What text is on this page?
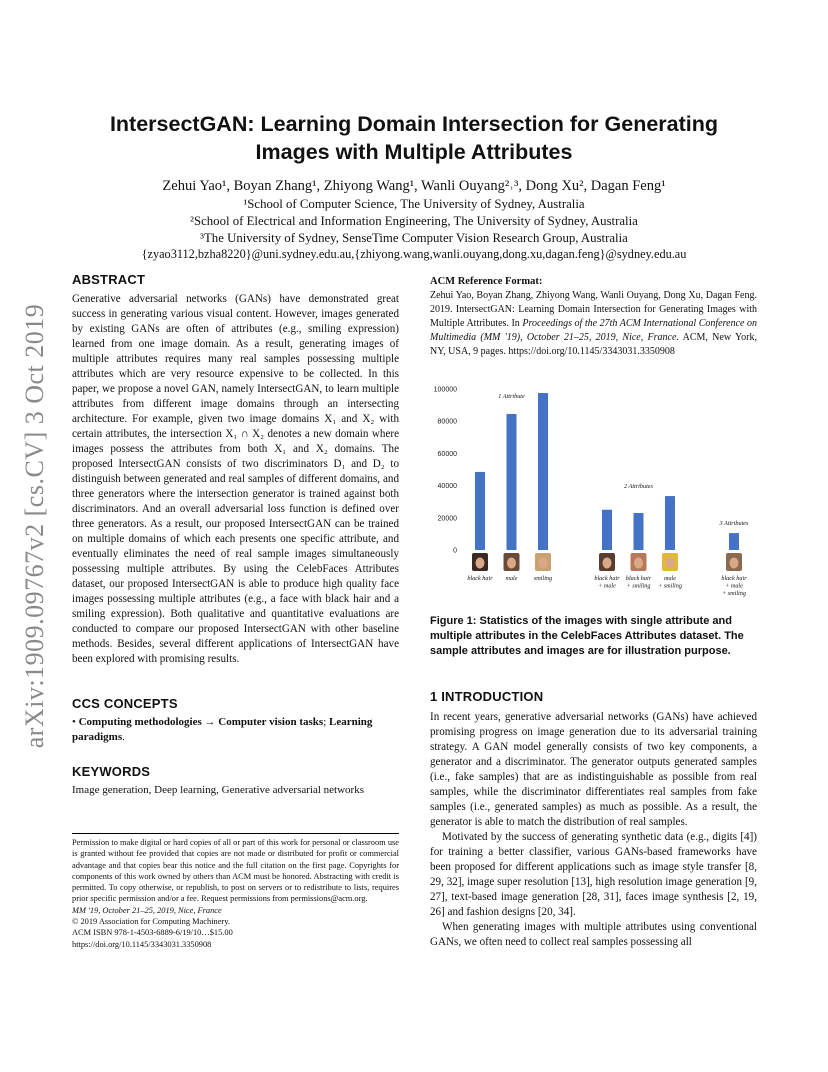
arXiv:1909.09767v2 [cs.CV] 3 Oct 2019
IntersectGAN: Learning Domain Intersection for Generating
Images with Multiple Attributes
Zehui Yao¹, Boyan Zhang¹, Zhiyong Wang¹, Wanli Ouyang²˒³, Dong Xu², Dagan Feng¹
¹School of Computer Science, The University of Sydney, Australia
²School of Electrical and Information Engineering, The University of Sydney, Australia
³The University of Sydney, SenseTime Computer Vision Research Group, Australia
{zyao3112,bzha8220}@uni.sydney.edu.au,{zhiyong.wang,wanli.ouyang,dong.xu,dagan.feng}@sydney.edu.au
ABSTRACT
Generative adversarial networks (GANs) have demonstrated great success in generating various visual content. However, images generated by existing GANs are often of attributes (e.g., smiling expression) learned from one image domain. As a result, generating images of multiple attributes requires many real samples possessing multiple attributes which are very resource expensive to be collected. In this paper, we propose a novel GAN, namely IntersectGAN, to learn multiple attributes from different image domains through an intersecting architecture. For example, given two image domains X₁ and X₂ with certain attributes, the intersection X₁ ∩ X₂ denotes a new domain where images possess the attributes from both X₁ and X₂ domains. The proposed IntersectGAN consists of two discriminators D₁ and D₂ to distinguish between generated and real samples of different domains, and three generators where the intersection generator is trained against both discriminators. And an overall adversarial loss function is defined over three generators. As a result, our proposed IntersectGAN can be trained on multiple domains of which each presents one specific attribute, and eventually eliminates the need of real sample images simultaneously possessing multiple attributes. By using the CelebFaces Attributes dataset, our proposed IntersectGAN is able to produce high quality face images possessing multiple attributes (e.g., a face with black hair and a smiling expression). Both qualitative and quantitative evaluations are conducted to compare our proposed IntersectGAN with other baseline methods. Besides, several different applications of IntersectGAN have been explored with promising results.
CCS CONCEPTS
• Computing methodologies → Computer vision tasks; Learning paradigms.
KEYWORDS
Image generation, Deep learning, Generative adversarial networks
Permission to make digital or hard copies of all or part of this work for personal or classroom use is granted without fee provided that copies are not made or distributed for profit or commercial advantage and that copies bear this notice and the full citation on the first page. Copyrights for components of this work owned by others than ACM must be honored. Abstracting with credit is permitted. To copy otherwise, or republish, to post on servers or to redistribute to lists, requires prior specific permission and/or a fee. Request permissions from permissions@acm.org.
MM '19, October 21–25, 2019, Nice, France
© 2019 Association for Computing Machinery.
ACM ISBN 978-1-4503-6889-6/19/10…$15.00
https://doi.org/10.1145/3343031.3350908
ACM Reference Format:
Zehui Yao, Boyan Zhang, Zhiyong Wang, Wanli Ouyang, Dong Xu, Dagan Feng. 2019. IntersectGAN: Learning Domain Intersection for Generating Images with Multiple Attributes. In Proceedings of the 27th ACM International Conference on Multimedia (MM '19), October 21–25, 2019, Nice, France. ACM, New York, NY, USA, 9 pages. https://doi.org/10.1145/3343031.3350908
0
20000
40000
60000
80000
100000
1 Attribute
2 Attributes
3 Attributes
black hair male	smiling	black hair + male
black hair + smiling
male + smiling
black hair + male + smiling
Figure 1: Statistics of the images with single attribute and multiple attributes in the CelebFaces Attributes dataset. The sample attributes and images are for illustration purpose.
1 INTRODUCTION
In recent years, generative adversarial networks (GANs) have achieved promising progress on image generation due to its adversarial training strategy. A GAN model generally consists of two key components, a generator and a discriminator. The generator outputs generated samples (i.e., fake samples) that are as indistinguishable as possible from real samples, while the discriminator differentiates real samples from fake samples (i.e., generated samples) as much as possible. As a result, the generator is able to match the distribution of real samples.
Motivated by the success of generating synthetic data (e.g., digits [4]) for training a better classifier, various GANs-based frameworks have been proposed for different applications such as image style transfer [8, 29, 32], image super resolution [13], high resolution image generation [9, 27], text-based image generation [28, 31], faces image synthesis [2, 19, 26] and fashion designs [20, 34].
When generating images with multiple attributes using conventional GANs, we often need to collect real samples possessing all
